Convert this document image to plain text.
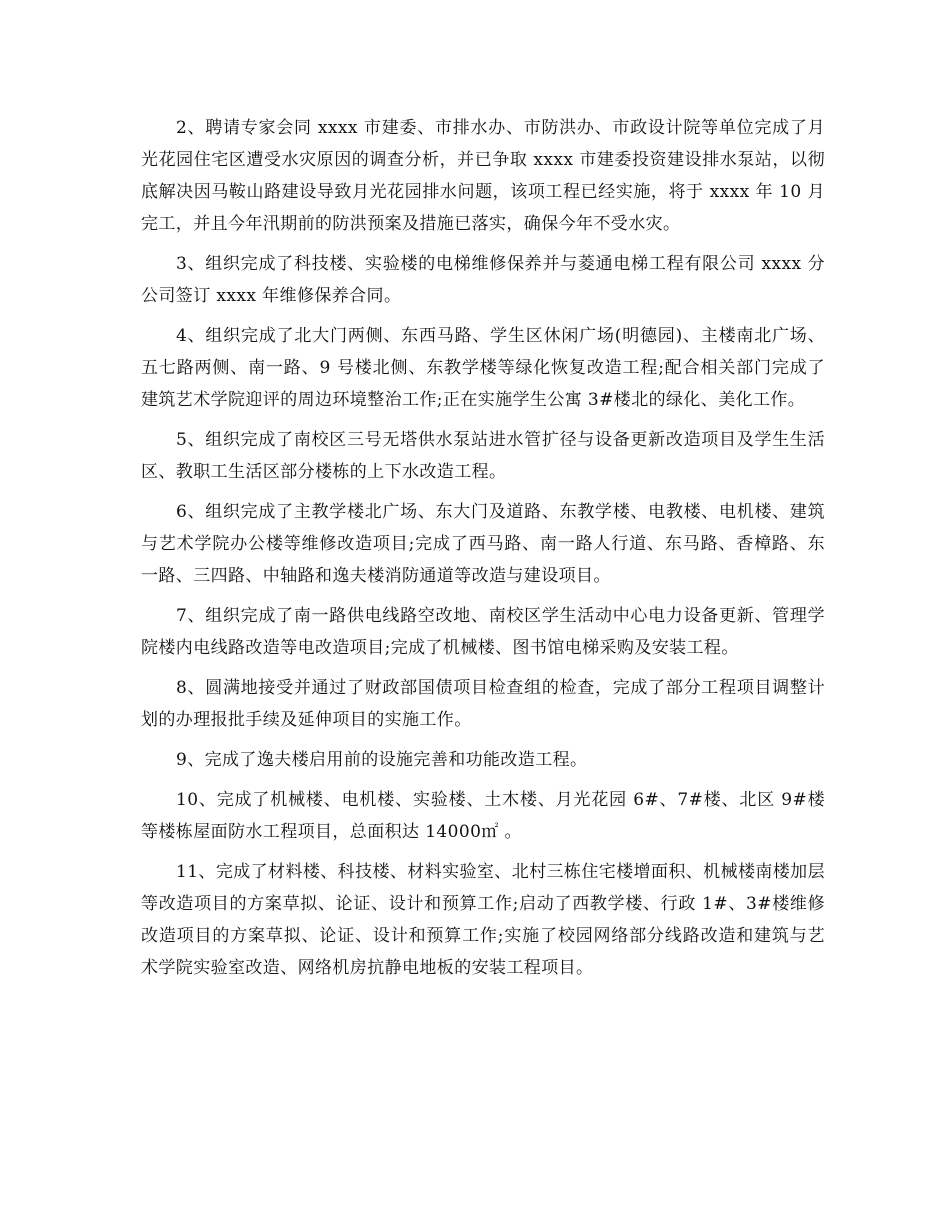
2、聘请专家会同 xxxx 市建委、市排水办、市防洪办、市政设计院等单位完成了月光花园住宅区遭受水灾原因的调查分析，并已争取 xxxx 市建委投资建设排水泵站，以彻底解决因马鞍山路建设导致月光花园排水问题，该项工程已经实施，将于 xxxx 年 10 月完工，并且今年汛期前的防洪预案及措施已落实，确保今年不受水灾。

3、组织完成了科技楼、实验楼的电梯维修保养并与菱通电梯工程有限公司 xxxx 分公司签订 xxxx 年维修保养合同。

4、组织完成了北大门两侧、东西马路、学生区休闲广场(明德园)、主楼南北广场、五七路两侧、南一路、9 号楼北侧、东教学楼等绿化恢复改造工程;配合相关部门完成了建筑艺术学院迎评的周边环境整治工作;正在实施学生公寓 3#楼北的绿化、美化工作。

5、组织完成了南校区三号无塔供水泵站进水管扩径与设备更新改造项目及学生生活区、教职工生活区部分楼栋的上下水改造工程。

6、组织完成了主教学楼北广场、东大门及道路、东教学楼、电教楼、电机楼、建筑与艺术学院办公楼等维修改造项目;完成了西马路、南一路人行道、东马路、香樟路、东一路、三四路、中轴路和逸夫楼消防通道等改造与建设项目。

7、组织完成了南一路供电线路空改地、南校区学生活动中心电力设备更新、管理学院楼内电线路改造等电改造项目;完成了机械楼、图书馆电梯采购及安装工程。

8、圆满地接受并通过了财政部国债项目检查组的检查，完成了部分工程项目调整计划的办理报批手续及延伸项目的实施工作。

9、完成了逸夫楼启用前的设施完善和功能改造工程。

10、完成了机械楼、电机楼、实验楼、土木楼、月光花园 6#、7#楼、北区 9#楼等楼栋屋面防水工程项目，总面积达 14000㎡ 。

11、完成了材料楼、科技楼、材料实验室、北村三栋住宅楼增面积、机械楼南楼加层等改造项目的方案草拟、论证、设计和预算工作;启动了西教学楼、行政 1#、3#楼维修改造项目的方案草拟、论证、设计和预算工作;实施了校园网络部分线路改造和建筑与艺术学院实验室改造、网络机房抗静电地板的安装工程项目。
